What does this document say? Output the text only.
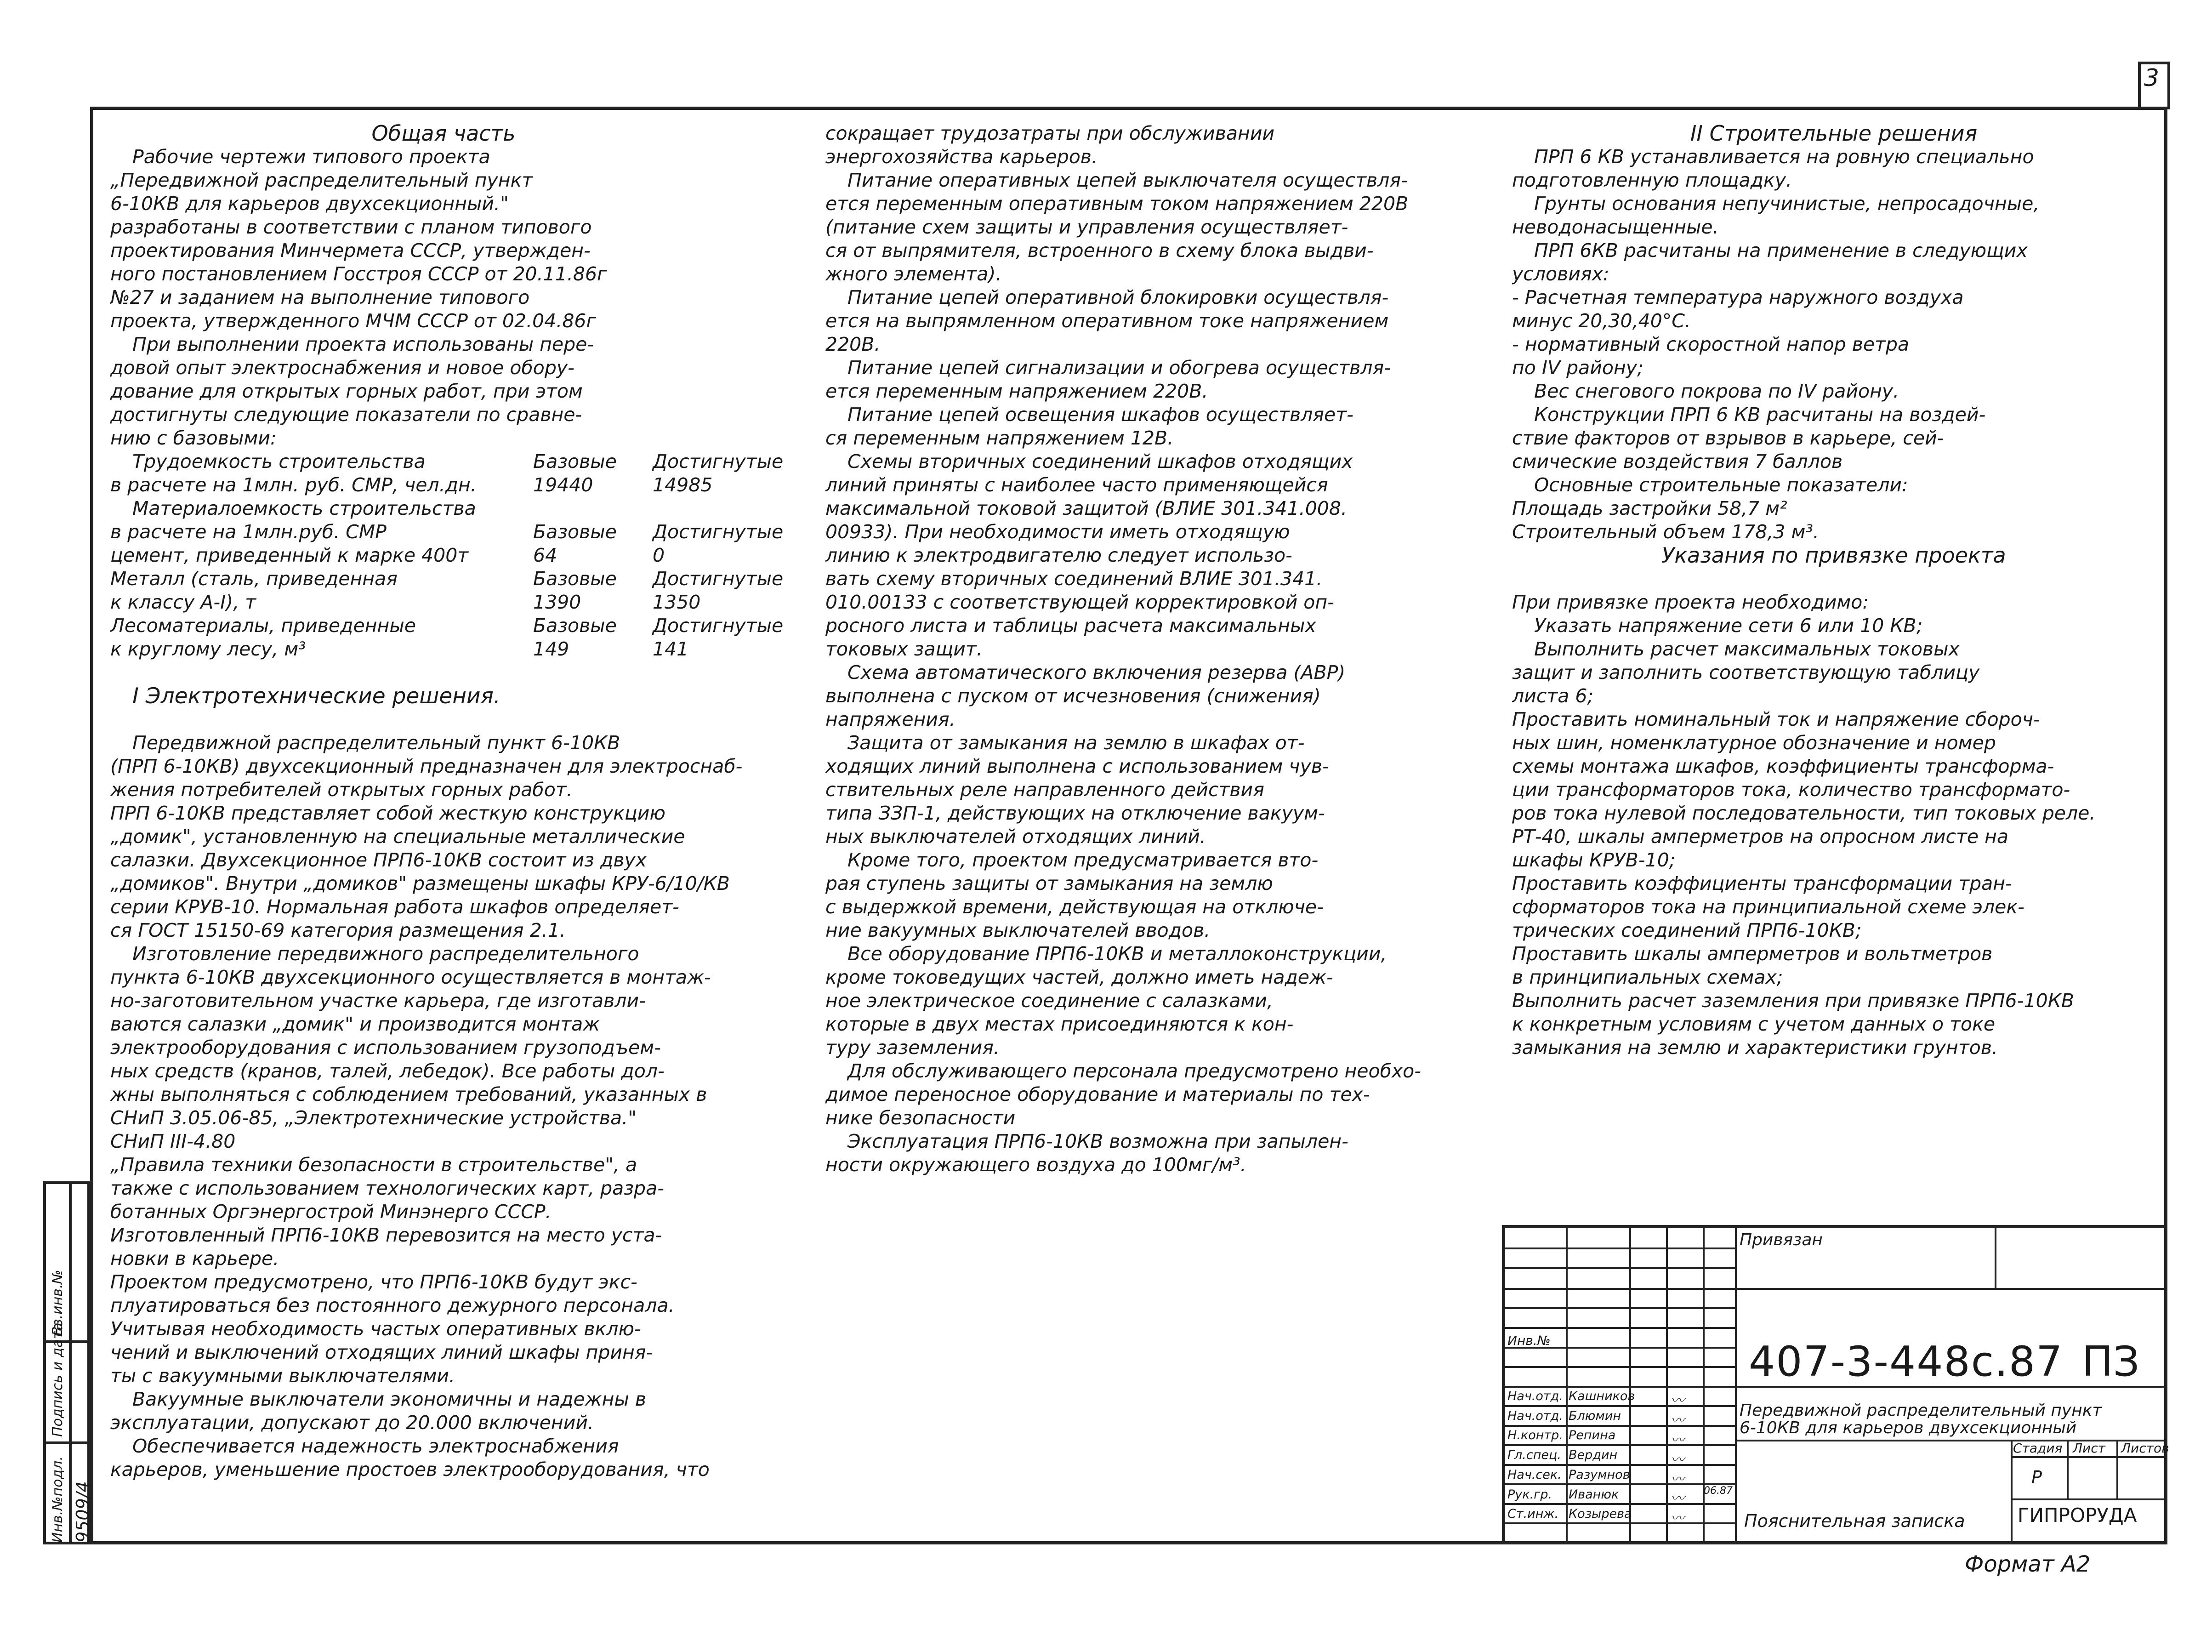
3
Общая часть
Рабочие чертежи типового проекта
„Передвижной распределительный пункт
6-10КВ для карьеров двухсекционный."
разработаны в соответствии с планом типового
проектирования Минчермета СССР, утвержден-
ного постановлением Госстроя СССР от 20.11.86г
№27 и заданием на выполнение типового
проекта, утвержденного МЧМ СССР от 02.04.86г
При выполнении проекта использованы пере-
довой опыт электроснабжения и новое обору-
дование для открытых горных работ, при этом
достигнуты следующие показатели по сравне-
нию с базовыми:
Трудоемкость строительства	Базовые Достигнутые
в расчете на 1млн. руб. СМР, чел.дн.	19440	14985
Материалоемкость строительства
в расчете на 1млн.руб. СМР	Базовые Достигнутые
цемент, приведенный к марке 400т	64	0
Металл (сталь, приведенная	Базовые Достигнутые
к классу А-I), т	1390	1350
Лесоматериалы, приведенные	Базовые Достигнутые
к круглому лесу, м³	149	141
I Электротехнические решения.
Передвижной распределительный пункт 6-10КВ
(ПРП 6-10КВ) двухсекционный предназначен для электроснаб-
жения потребителей открытых горных работ.
ПРП 6-10КВ представляет собой жесткую конструкцию
„домик", установленную на специальные металлические
салазки. Двухсекционное ПРП6-10КВ состоит из двух
„домиков". Внутри „домиков" размещены шкафы КРУ-6/10/КВ
серии КРУВ-10. Нормальная работа шкафов определяет-
ся ГОСТ 15150-69 категория размещения 2.1.
Изготовление передвижного распределительного
пункта 6-10КВ двухсекционного осуществляется в монтаж-
но-заготовительном участке карьера, где изготавли-
ваются салазки „домик" и производится монтаж
электрооборудования с использованием грузоподъем-
ных средств (кранов, талей, лебедок). Все работы дол-
жны выполняться с соблюдением требований, указанных в
СНиП 3.05.06-85, „Электротехнические устройства."
СНиП III-4.80
„Правила техники безопасности в строительстве", а
также с использованием технологических карт, разра-
ботанных Оргэнергострой Минэнерго СССР.
Изготовленный ПРП6-10КВ перевозится на место уста-
новки в карьере.
Проектом предусмотрено, что ПРП6-10КВ будут экс-
плуатироваться без постоянного дежурного персонала.
Учитывая необходимость частых оперативных вклю-
чений и выключений отходящих линий шкафы приня-
ты с вакуумными выключателями.
Вакуумные выключатели экономичны и надежны в
эксплуатации, допускают до 20.000 включений.
Обеспечивается надежность электроснабжения
карьеров, уменьшение простоев электрооборудования, что
сокращает трудозатраты при обслуживании
энергохозяйства карьеров.
Питание оперативных цепей выключателя осуществля-
ется переменным оперативным током напряжением 220В
(питание схем защиты и управления осуществляет-
ся от выпрямителя, встроенного в схему блока выдви-
жного элемента).
Питание цепей оперативной блокировки осуществля-
ется на выпрямленном оперативном токе напряжением
220В.
Питание цепей сигнализации и обогрева осуществля-
ется переменным напряжением 220В.
Питание цепей освещения шкафов осуществляет-
ся переменным напряжением 12В.
Схемы вторичных соединений шкафов отходящих
линий приняты с наиболее часто применяющейся
максимальной токовой защитой (ВЛИЕ 301.341.008.
00933). При необходимости иметь отходящую
линию к электродвигателю следует использо-
вать схему вторичных соединений ВЛИЕ 301.341.
010.00133 с соответствующей корректировкой оп-
росного листа и таблицы расчета максимальных
токовых защит.
Схема автоматического включения резерва (АВР)
выполнена с пуском от исчезновения (снижения)
напряжения.
Защита от замыкания на землю в шкафах от-
ходящих линий выполнена с использованием чув-
ствительных реле направленного действия
типа ЗЗП-1, действующих на отключение вакуум-
ных выключателей отходящих линий.
Кроме того, проектом предусматривается вто-
рая ступень защиты от замыкания на землю
с выдержкой времени, действующая на отключе-
ние вакуумных выключателей вводов.
Все оборудование ПРП6-10КВ и металлоконструкции,
кроме токоведущих частей, должно иметь надеж-
ное электрическое соединение с салазками,
которые в двух местах присоединяются к кон-
туру заземления.
Для обслуживающего персонала предусмотрено необхо-
димое переносное оборудование и материалы по тех-
нике безопасности
Эксплуатация ПРП6-10КВ возможна при запылен-
ности окружающего воздуха до 100мг/м³.
II Строительные решения
ПРП 6 КВ устанавливается на ровную специально
подготовленную площадку.
Грунты основания непучинистые, непросадочные,
неводонасыщенные.
ПРП 6КВ расчитаны на применение в следующих
условиях:
- Расчетная температура наружного воздуха
минус 20,30,40°С.
- нормативный скоростной напор ветра
по IV району;
Вес снегового покрова по IV району.
Конструкции ПРП 6 КВ расчитаны на воздей-
ствие факторов от взрывов в карьере, сей-
смические воздействия 7 баллов
Основные строительные показатели:
Площадь застройки 58,7 м²
Строительный объем 178,3 м³.
Указания по привязке проекта
При привязке проекта необходимо:
Указать напряжение сети 6 или 10 КВ;
Выполнить расчет максимальных токовых
защит и заполнить соответствующую таблицу
листа 6;
Проставить номинальный ток и напряжение сбороч-
ных шин, номенклатурное обозначение и номер
схемы монтажа шкафов, коэффициенты трансформа-
ции трансформаторов тока, количество трансформато-
ров тока нулевой последовательности, тип токовых реле.
РТ-40, шкалы амперметров на опросном листе на
шкафы КРУВ-10;
Проставить коэффициенты трансформации тран-
сформаторов тока на принципиальной схеме элек-
трических соединений ПРП6-10КВ;
Проставить шкалы амперметров и вольтметров
в принципиальных схемах;
Выполнить расчет заземления при привязке ПРП6-10КВ
к конкретным условиям с учетом данных о токе
замыкания на землю и характеристики грунтов.
Инв.№подл.
Подпись и дата
Вз.инв.№
9509/4
Привязан
Инв.№	407-3-448с.87 ПЗ
Передвижной распределительный пункт
6-10КВ для карьеров двухсекционный
Стадия Лист Листов
Р
Пояснительная записка	ГИПРОРУДА
06.87
Нач.отд. Кашников
Нач.отд. Блюмин
Н.контр. Репина
Гл.спец. Вердин
Нач.сек. Разумнов
Рук.гр. Иванюк
Ст.инж. Козырева
〰
〰
〰
〰
〰
〰
〰
Формат А2
